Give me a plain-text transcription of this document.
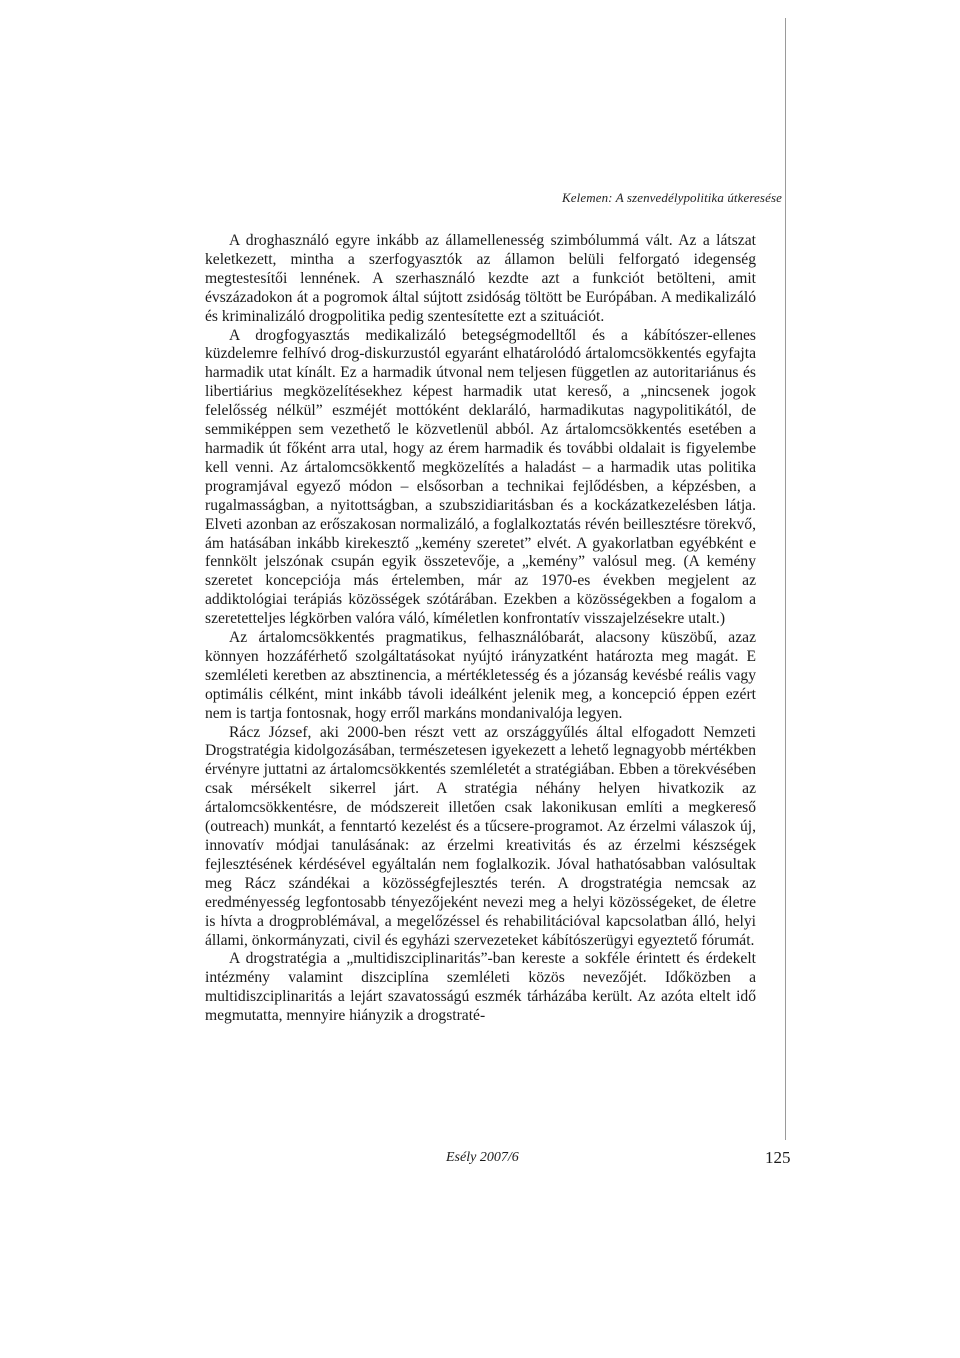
Kelemen: A szenvedélypolitika útkeresése

A droghasználó egyre inkább az államellenesség szimbólummá vált. Az a látszat keletkezett, mintha a szerfogyasztók az államon belüli felforgató idegenség megtestesítői lennének. A szerhasználó kezdte azt a funkciót betölteni, amit évszázadokon át a pogromok által sújtott zsidóság töltött be Európában. A medikalizáló és kriminalizáló drogpolitika pedig szentesítette ezt a szituációt.

A drogfogyasztás medikalizáló betegségmodelltől és a kábítószer-ellenes küzdelemre felhívó drog-diskurzustól egyaránt elhatárolódó ártalomcsökkentés egyfajta harmadik utat kínált. Ez a harmadik útvonal nem teljesen független az autoritariánus és libertiárius megközelítésekhez képest harmadik utat kereső, a „nincsenek jogok felelősség nélkül” eszméjét mottóként deklaráló, harmadikutas nagypolitikától, de semmiképpen sem vezethető le közvetlenül abból. Az ártalomcsökkentés esetében a harmadik út főként arra utal, hogy az érem harmadik és további oldalait is figyelembe kell venni. Az ártalomcsökkentő megközelítés a haladást – a harmadik utas politika programjával egyező módon – elsősorban a technikai fejlődésben, a képzésben, a rugalmasságban, a nyitottságban, a szubszidiaritásban és a kockázatkezelésben látja. Elveti azonban az erőszakosan normalizáló, a foglalkoztatás révén beillesztésre törekvő, ám hatásában inkább kirekesztő „kemény szeretet” elvét. A gyakorlatban egyébként e fennkölt jelszónak csupán egyik összetevője, a „kemény” valósul meg. (A kemény szeretet koncepciója más értelemben, már az 1970-es években megjelent az addiktológiai terápiás közösségek szótárában. Ezekben a közösségekben a fogalom a szeretetteljes légkörben valóra váló, kíméletlen konfrontatív visszajelzésekre utalt.)

Az ártalomcsökkentés pragmatikus, felhasználóbarát, alacsony küszöbű, azaz könnyen hozzáférhető szolgáltatásokat nyújtó irányzatként határozta meg magát. E szemléleti keretben az absztinencia, a mértékletesség és a józanság kevésbé reális vagy optimális célként, mint inkább távoli ideálként jelenik meg, a koncepció éppen ezért nem is tartja fontosnak, hogy erről markáns mondanivalója legyen.

Rácz József, aki 2000-ben részt vett az országgyűlés által elfogadott Nemzeti Drogstratégia kidolgozásában, természetesen igyekezett a lehető legnagyobb mértékben érvényre juttatni az ártalomcsökkentés szemléletét a stratégiában. Ebben a törekvésében csak mérsékelt sikerrel járt. A stratégia néhány helyen hivatkozik az ártalomcsökkentésre, de módszereit illetően csak lakonikusan említi a megkereső (outreach) munkát, a fenntartó kezelést és a tűcsere-programot. Az érzelmi válaszok új, innovatív módjai tanulásának: az érzelmi kreativitás és az érzelmi készségek fejlesztésének kérdésével egyáltalán nem foglalkozik. Jóval hathatósabban valósultak meg Rácz szándékai a közösségfejlesztés terén. A drogstratégia nemcsak az eredményesség legfontosabb tényezőjeként nevezi meg a helyi közösségeket, de életre is hívta a drogproblémával, a megelőzéssel és rehabilitációval kapcsolatban álló, helyi állami, önkormányzati, civil és egyházi szervezeteket kábítószerügyi egyeztető fórumát.

A drogstratégia a „multidiszciplinaritás”-ban kereste a sokféle érintett és érdekelt intézmény valamint diszciplína szemléleti közös nevezőjét. Időközben a multidiszciplinaritás a lejárt szavatosságú eszmék tárházába került. Az azóta eltelt idő megmutatta, mennyire hiányzik a drogstraté-

Esély 2007/6	125
